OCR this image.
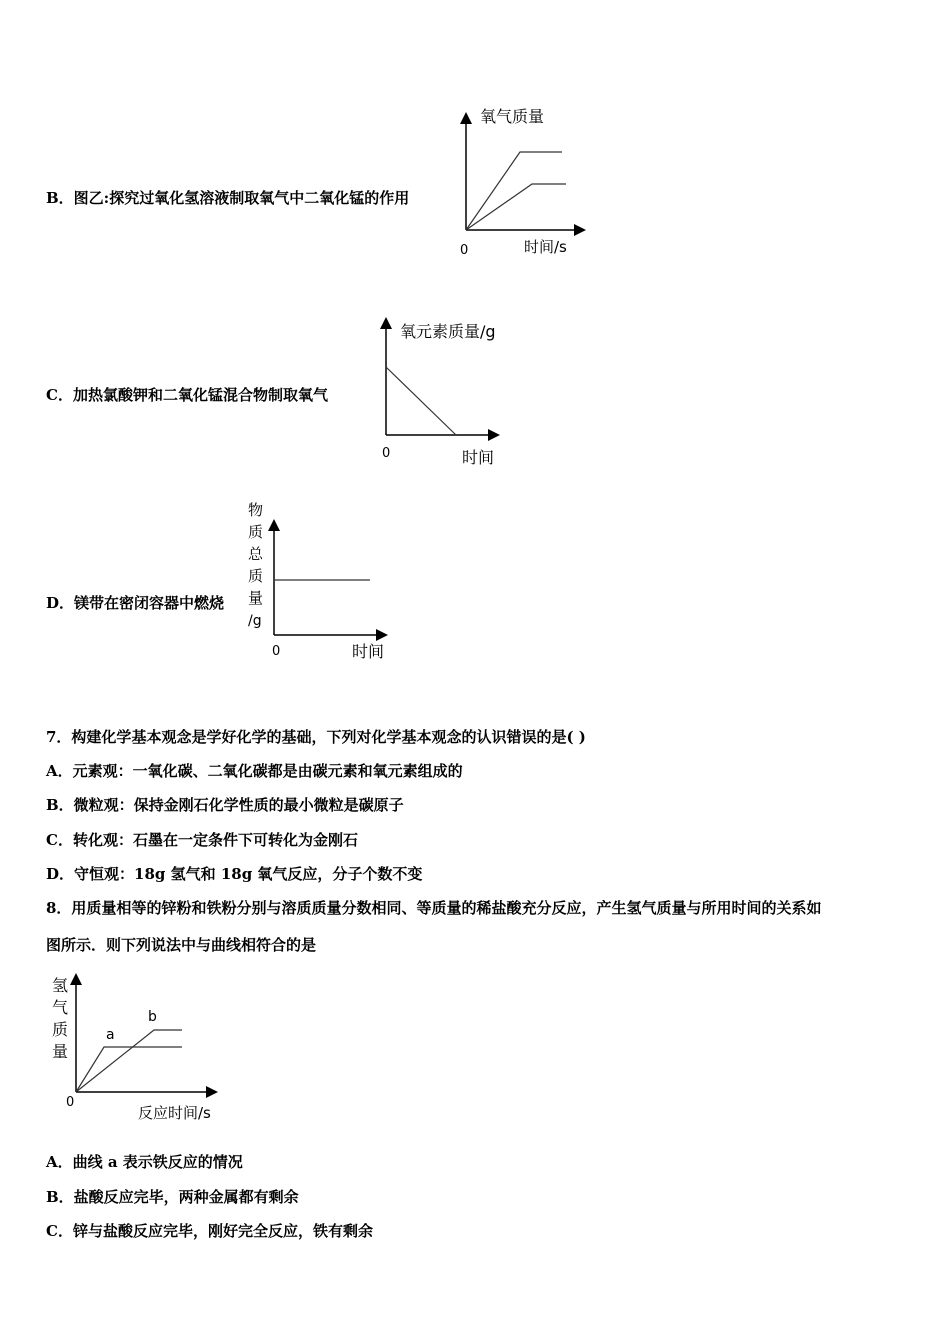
B．图乙:探究过氧化氢溶液制取氧气中二氧化锰的作用
氧气质量
时间/s
0
C．加热氯酸钾和二氧化锰混合物制取氧气
氧元素质量/g
时间
0
D．镁带在密闭容器中燃烧
物
质
总
质
量
/g
时间
0
7．构建化学基本观念是学好化学的基础，下列对化学基本观念的认识错误的是( )
A．元素观：一氧化碳、二氧化碳都是由碳元素和氧元素组成的
B．微粒观：保持金刚石化学性质的最小微粒是碳原子
C．转化观：石墨在一定条件下可转化为金刚石
D．守恒观：18g 氢气和 18g 氧气反应，分子个数不变
8．用质量相等的锌粉和铁粉分别与溶质质量分数相同、等质量的稀盐酸充分反应，产生氢气质量与所用时间的关系如
图所示．则下列说法中与曲线相符合的是
氢
气
质
量
反应时间/s
0
a
b
A．曲线 a 表示铁反应的情况
B．盐酸反应完毕，两种金属都有剩余
C．锌与盐酸反应完毕，刚好完全反应，铁有剩余
